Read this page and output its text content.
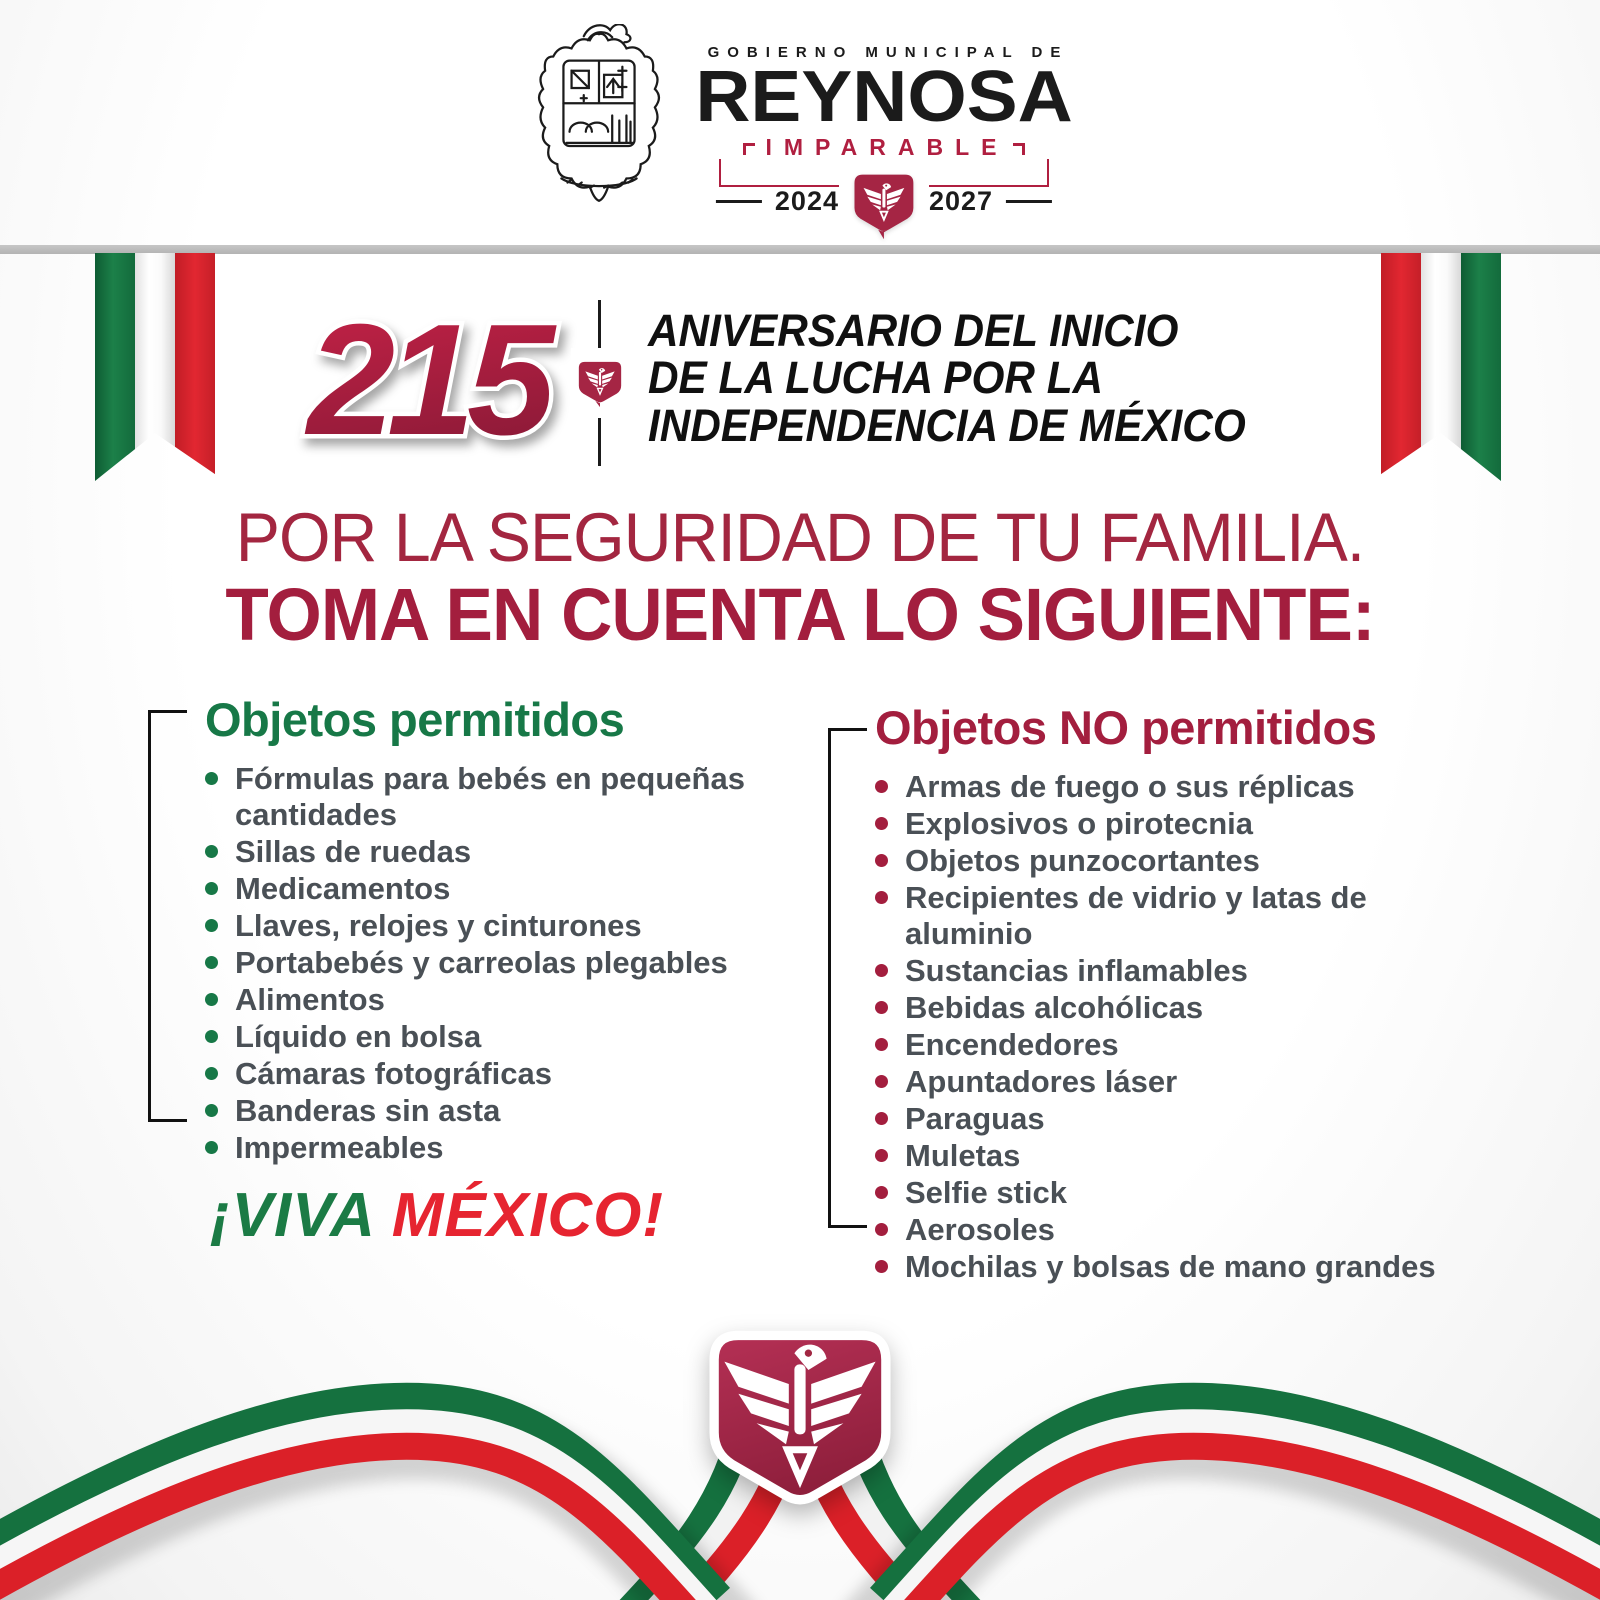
GOBIERNO MUNICIPAL DE
REYNOSA
IMPARABLE
2024	2027
215 ANIVERSARIO DEL INICIO
DE LA LUCHA POR LA
INDEPENDENCIA DE MÉXICO
POR LA SEGURIDAD DE TU FAMILIA.
TOMA EN CUENTA LO SIGUIENTE:
Objetos permitidos
Fórmulas para bebés en pequeñas cantidades
Sillas de ruedas
Medicamentos
Llaves, relojes y cinturones
Portabebés y carreolas plegables
Alimentos
Líquido en bolsa
Cámaras fotográficas
Banderas sin asta
Impermeables
Objetos NO permitidos
Armas de fuego o sus réplicas
Explosivos o pirotecnia
Objetos punzocortantes
Recipientes de vidrio y latas de aluminio
Sustancias inflamables
Bebidas alcohólicas
Encendedores
Apuntadores láser
Paraguas
Muletas
Selfie stick
Aerosoles
Mochilas y bolsas de mano grandes
¡VIVA MÉXICO!
